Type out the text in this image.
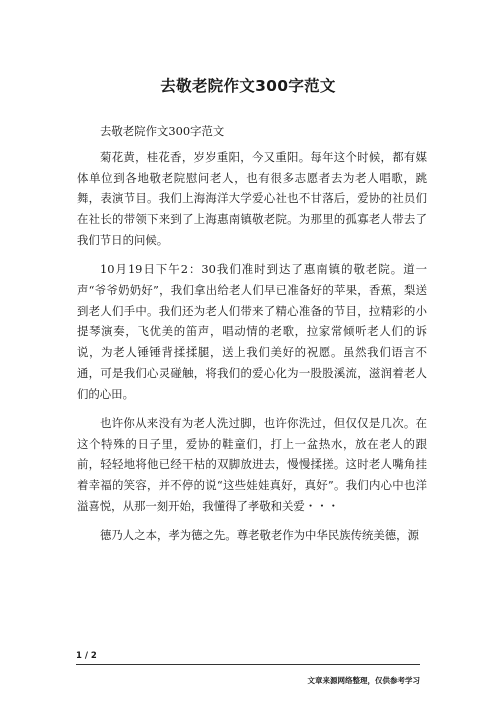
去敬老院作文300字范文

去敬老院作文300字范文

菊花黄，桂花香，岁岁重阳，今又重阳。每年这个时候，都有媒体单位到各地敬老院慰问老人，也有很多志愿者去为老人唱歌，跳舞，表演节目。我们上海海洋大学爱心社也不甘落后，爱协的社员们在社长的带领下来到了上海惠南镇敬老院。为那里的孤寡老人带去了我们节日的问候。

10月19日下午2：30我们准时到达了惠南镇的敬老院。道一声“爷爷奶奶好”，我们拿出给老人们早已准备好的苹果，香蕉，梨送到老人们手中。我们还为老人们带来了精心准备的节目，拉精彩的小提琴演奏，飞优美的笛声，唱动情的老歌，拉家常倾听老人们的诉说，为老人锤锤背揉揉腿，送上我们美好的祝愿。虽然我们语言不通，可是我们心灵碰触，将我们的爱心化为一股股溪流，滋润着老人们的心田。

也许你从来没有为老人洗过脚，也许你洗过，但仅仅是几次。在这个特殊的日子里，爱协的鞋童们，打上一盆热水，放在老人的跟前，轻轻地将他已经干枯的双脚放进去，慢慢揉搓。这时老人嘴角挂着幸福的笑容，并不停的说“这些娃娃真好，真好”。我们内心中也洋溢喜悦，从那一刻开始，我懂得了孝敬和关爱・・・

德乃人之本，孝为德之先。尊老敬老作为中华民族传统美德，源

1 / 2
文章来源网络整理，仅供参考学习
